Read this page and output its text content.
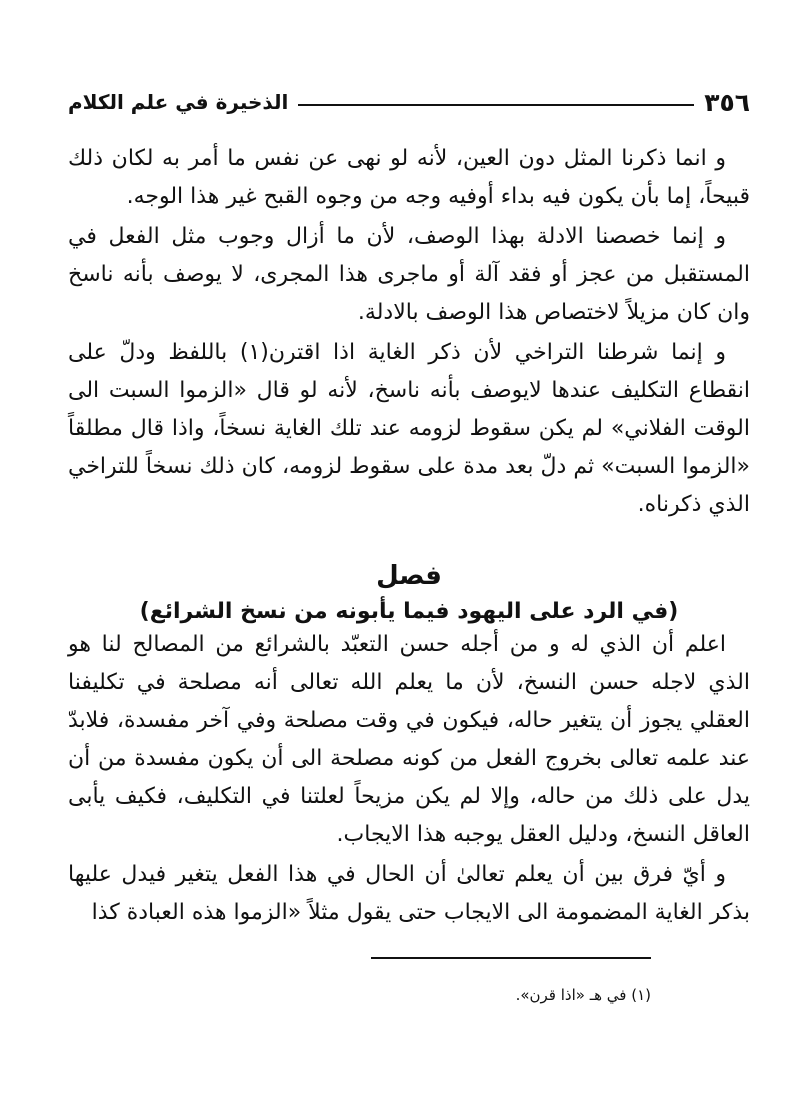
٣٥٦
الذخيرة في علم الكلام

و انما ذكرنا المثل دون العين، لأنه لو نهى عن نفس ما أمر به لكان ذلك قبيحاً، إما بأن يكون فيه بداء أوفيه وجه من وجوه القبح غير هذا الوجه.

و إنما خصصنا الادلة بهذا الوصف، لأن ما أزال وجوب مثل الفعل في المستقبل من عجز أو فقد آلة أو ماجرى هذا المجرى، لا يوصف بأنه ناسخ وان كان مزيلاً لاختصاص هذا الوصف بالادلة.

و إنما شرطنا التراخي لأن ذكر الغاية اذا اقترن(١) باللفظ ودلّ على انقطاع التكليف عندها لايوصف بأنه ناسخ، لأنه لو قال «الزموا السبت الى الوقت الفلاني» لم يكن سقوط لزومه عند تلك الغاية نسخاً، واذا قال مطلقاً «الزموا السبت» ثم دلّ بعد مدة على سقوط لزومه، كان ذلك نسخاً للتراخي الذي ذكرناه.

فصل
(في الرد على اليهود فيما يأبونه من نسخ الشرائع)

اعلم أن الذي له و من أجله حسن التعبّد بالشرائع من المصالح لنا هو الذي لاجله حسن النسخ، لأن ما يعلم الله تعالى أنه مصلحة في تكليفنا العقلي يجوز أن يتغير حاله، فيكون في وقت مصلحة وفي آخر مفسدة، فلابدّ عند علمه تعالى بخروج الفعل من كونه مصلحة الى أن يكون مفسدة من أن يدل على ذلك من حاله، وإلا لم يكن مزيحاً لعلتنا في التكليف، فكيف يأبى العاقل النسخ، ودليل العقل يوجبه هذا الايجاب.

و أيّ فرق بين أن يعلم تعالىٰ أن الحال في هذا الفعل يتغير فيدل عليها بذكر الغاية المضمومة الى الايجاب حتى يقول مثلاً «الزموا هذه العبادة كذا

(١) في هـ «اذا قرن».
